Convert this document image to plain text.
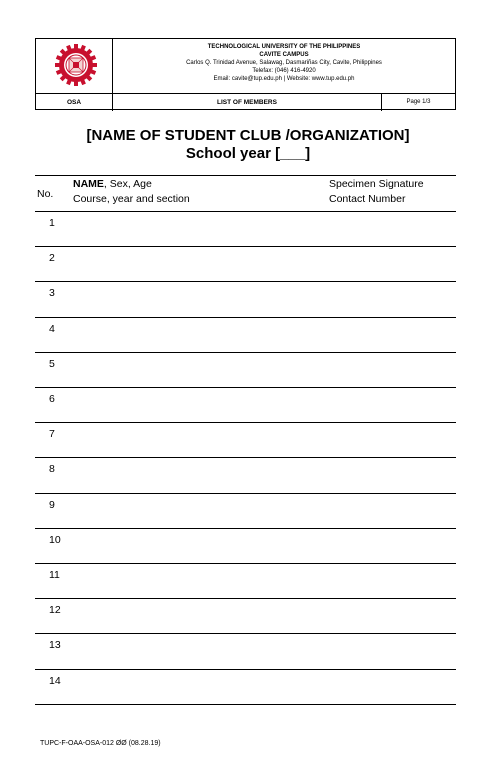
TECHNOLOGICAL UNIVERSITY OF THE PHILIPPINES
CAVITE CAMPUS
Carlos Q. Trinidad Avenue, Salawag, Dasmariñas City, Cavite, Philippines
Telefax: (046) 416-4920
Email: cavite@tup.edu.ph | Website: www.tup.edu.ph
OSA	LIST OF MEMBERS	Page 1/3
[NAME OF STUDENT CLUB /ORGANIZATION]
School year [___]
No.
NAME, Sex, Age
Course, year and section
Specimen Signature
Contact Number
1
2
3
4
5
6
7
8
9
10
11
12
13
14
TUPC-F-OAA-OSA-012 ØØ (08.28.19)
